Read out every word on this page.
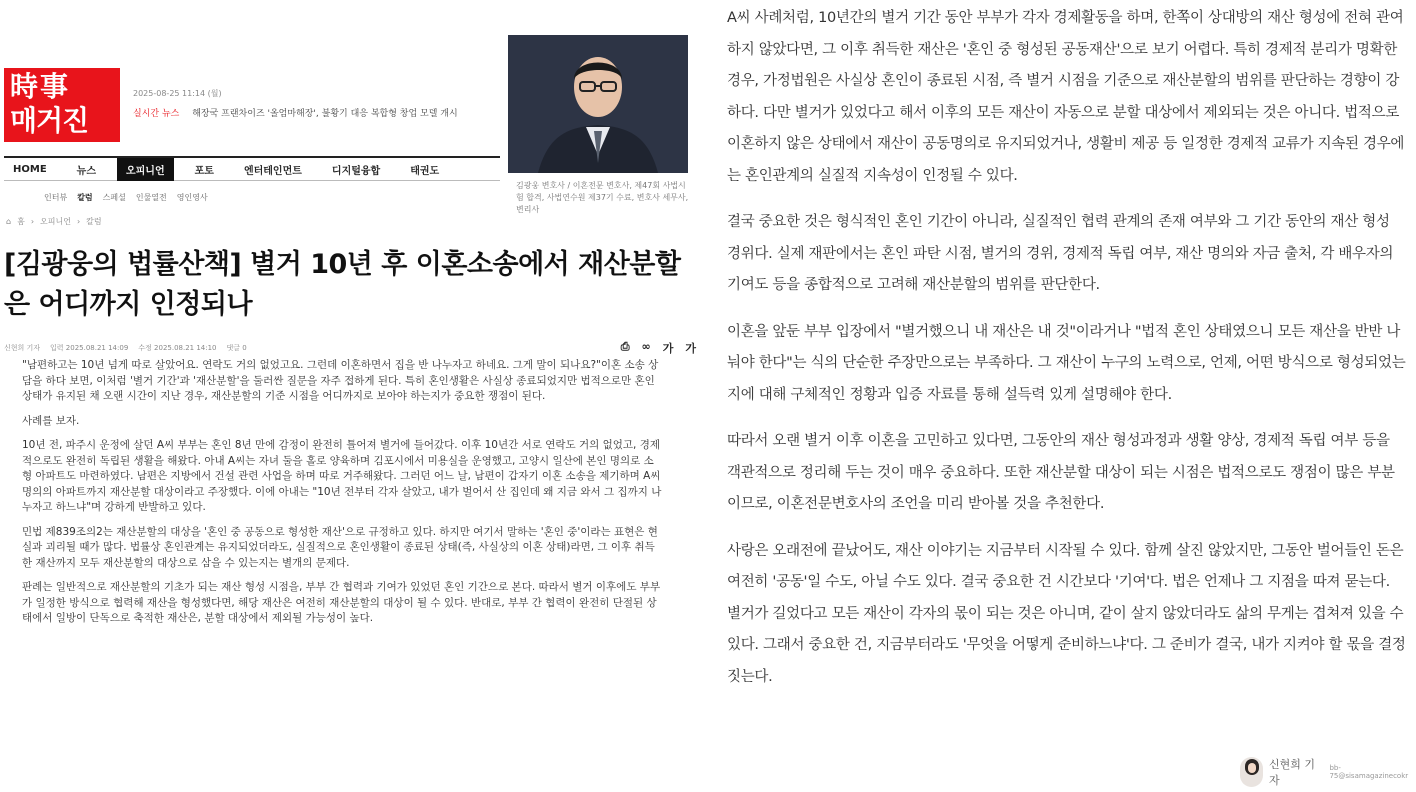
時事
매거진
2025-08-25 11:14 (월)
실시간 뉴스 해장국 프랜차이즈 '올엄마해장', 불황기 대응 복합형 창업 모델 개시
김광웅 변호사 / 이혼전문 변호사, 제47회 사법시험 합격, 사법연수원 제37기 수료, 변호사 세무사, 변리사
HOME	뉴스	오피니언	포토	엔터테인먼트	디지털융합	태권도
인터뷰 칼럼 스페셜 인물열전 영인영사
⌂ 홈 › 오피니언 › 칼럼
[김광웅의 법률산책] 별거 10년 후 이혼소송에서 재산분할은 어디까지 인정되나
신현희 기자 입력 2025.08.21 14:09 수정 2025.08.21 14:10 댓글 0	⎙ ∞ 가 가

"남편하고는 10년 넘게 따로 살았어요. 연락도 거의 없었고요. 그런데 이혼하면서 집을 반 나누자고 하네요. 그게 말이 되나요?"이혼 소송 상담을 하다 보면, 이처럼 '별거 기간'과 '재산분할'을 둘러싼 질문을 자주 접하게 된다. 특히 혼인생활은 사실상 종료되었지만 법적으로만 혼인 상태가 유지된 채 오랜 시간이 지난 경우, 재산분할의 기준 시점을 어디까지로 보아야 하는지가 중요한 쟁점이 된다.

사례를 보자.

10년 전, 파주시 운정에 살던 A씨 부부는 혼인 8년 만에 감정이 완전히 틀어져 별거에 들어갔다. 이후 10년간 서로 연락도 거의 없었고, 경제적으로도 완전히 독립된 생활을 해왔다. 아내 A씨는 자녀 둘을 홀로 양육하며 김포시에서 미용실을 운영했고, 고양시 일산에 본인 명의로 소형 아파트도 마련하였다. 남편은 지방에서 건설 관련 사업을 하며 따로 거주해왔다. 그러던 어느 날, 남편이 갑자기 이혼 소송을 제기하며 A씨 명의의 아파트까지 재산분할 대상이라고 주장했다. 이에 아내는 "10년 전부터 각자 살았고, 내가 벌어서 산 집인데 왜 지금 와서 그 집까지 나누자고 하느냐"며 강하게 반발하고 있다.

민법 제839조의2는 재산분할의 대상을 '혼인 중 공동으로 형성한 재산'으로 규정하고 있다. 하지만 여기서 말하는 '혼인 중'이라는 표현은 현실과 괴리될 때가 많다. 법률상 혼인관계는 유지되었더라도, 실질적으로 혼인생활이 종료된 상태(즉, 사실상의 이혼 상태)라면, 그 이후 취득한 재산까지 모두 재산분할의 대상으로 삼을 수 있는지는 별개의 문제다.

판례는 일반적으로 재산분할의 기초가 되는 재산 형성 시점을, 부부 간 협력과 기여가 있었던 혼인 기간으로 본다. 따라서 별거 이후에도 부부가 일정한 방식으로 협력해 재산을 형성했다면, 해당 재산은 여전히 재산분할의 대상이 될 수 있다. 반대로, 부부 간 협력이 완전히 단절된 상태에서 일방이 단독으로 축적한 재산은, 분할 대상에서 제외될 가능성이 높다.

A씨 사례처럼, 10년간의 별거 기간 동안 부부가 각자 경제활동을 하며, 한쪽이 상대방의 재산 형성에 전혀 관여하지 않았다면, 그 이후 취득한 재산은 '혼인 중 형성된 공동재산'으로 보기 어렵다. 특히 경제적 분리가 명확한 경우, 가정법원은 사실상 혼인이 종료된 시점, 즉 별거 시점을 기준으로 재산분할의 범위를 판단하는 경향이 강하다. 다만 별거가 있었다고 해서 이후의 모든 재산이 자동으로 분할 대상에서 제외되는 것은 아니다. 법적으로 이혼하지 않은 상태에서 재산이 공동명의로 유지되었거나, 생활비 제공 등 일정한 경제적 교류가 지속된 경우에는 혼인관계의 실질적 지속성이 인정될 수 있다.

결국 중요한 것은 형식적인 혼인 기간이 아니라, 실질적인 협력 관계의 존재 여부와 그 기간 동안의 재산 형성 경위다. 실제 재판에서는 혼인 파탄 시점, 별거의 경위, 경제적 독립 여부, 재산 명의와 자금 출처, 각 배우자의 기여도 등을 종합적으로 고려해 재산분할의 범위를 판단한다.

이혼을 앞둔 부부 입장에서 "별거했으니 내 재산은 내 것"이라거나 "법적 혼인 상태였으니 모든 재산을 반반 나눠야 한다"는 식의 단순한 주장만으로는 부족하다. 그 재산이 누구의 노력으로, 언제, 어떤 방식으로 형성되었는지에 대해 구체적인 정황과 입증 자료를 통해 설득력 있게 설명해야 한다.

따라서 오랜 별거 이후 이혼을 고민하고 있다면, 그동안의 재산 형성과정과 생활 양상, 경제적 독립 여부 등을 객관적으로 정리해 두는 것이 매우 중요하다. 또한 재산분할 대상이 되는 시점은 법적으로도 쟁점이 많은 부분이므로, 이혼전문변호사의 조언을 미리 받아볼 것을 추천한다.

사랑은 오래전에 끝났어도, 재산 이야기는 지금부터 시작될 수 있다. 함께 살진 않았지만, 그동안 벌어들인 돈은 여전히 '공동'일 수도, 아닐 수도 있다. 결국 중요한 건 시간보다 '기여'다. 법은 언제나 그 지점을 따져 묻는다. 별거가 길었다고 모든 재산이 각자의 몫이 되는 것은 아니며, 같이 살지 않았더라도 삶의 무게는 겹쳐져 있을 수 있다. 그래서 중요한 건, 지금부터라도 '무엇을 어떻게 준비하느냐'다. 그 준비가 결국, 내가 지켜야 할 몫을 결정짓는다.

신현희 기자
bb-75@sisamagazinecokr
